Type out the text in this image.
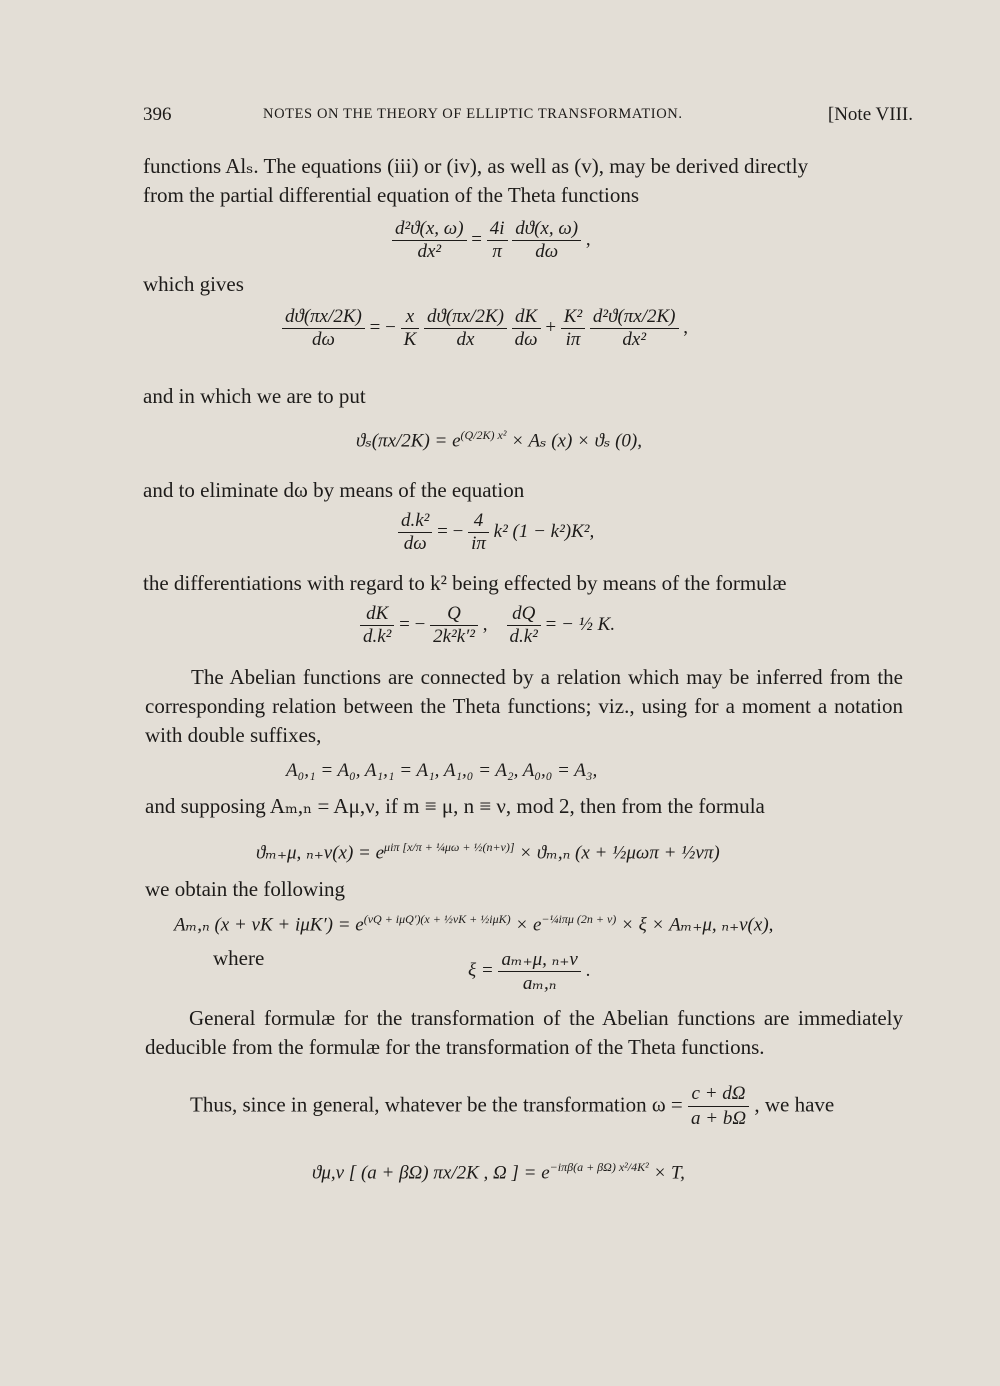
396	NOTES ON THE THEORY OF ELLIPTIC TRANSFORMATION.	[Note VIII.
functions Alₛ. The equations (iii) or (iv), as well as (v), may be derived directly
from the partial differential equation of the Theta functions
$\frac{\text{d²ϑ(x, ω)}}{\text{dx²}} = \frac{4i}{\pi}$
$\frac{dϑ(x, \omega)}{d\omega}$ ,
which gives
$\frac{dϑ(\pi x/2K)}{d\omega}$ = − $\frac{x}{K}$
$\frac{dϑ(\pi x/2K)}{dx}$
$\frac{dK}{d\omega} + \frac{\text{K²}}{i\pi}$
$\frac{\text{d²ϑ(πx/2K)}}{\text{dx²}}$ ,
and in which we are to put
$ϑ_s(\pi x/2K) = e^{(Q/2K) x^2} \times A_s$ (x) × ϑₛ (0),
and to eliminate dω by means of the equation
$\frac{\text{d.k²}}{d\omega}$ = − $\frac{4}{i\pi} k^2$ (1 − k²)K²,
the differentiations with regard to k² being effected by means of the formulæ
$\frac{dK}{\text{d.k²}}$ = − $\frac{Q}{\text{2k²k′²}}$ , $\frac{dQ}{\text{d.k²}}$ = − ½ K.
The Abelian functions are connected by a relation which may be inferred from the corresponding relation between the Theta functions; viz., using for a moment a notation with double suffixes,
A₀,₁ = A₀, A₁,₁ = A₁, A₁,₀ = A₂, A₀,₀ = A₃,
and supposing Aₘ,ₙ = Aμ,ν, if m ≡ μ, n ≡ ν, mod 2, then from the formula
ϑₘ₊μ, $_{n+}\nu(x) = e^{\mu i\pi [x/\pi + \frac{1}{4}\mu\omega + \frac{1}{2}(n+\nu)]} \times ϑ_m,_n$ (x + ½μωπ + ½νπ)
we obtain the following
Aₘ,ₙ $(x + \nu K + i\mu K') = e^{(\nu Q + i\mu Q')(x + \frac{1}{2}\nu K + \frac{1}{2}i\mu K)} \times e^{-\frac{1}{4}i\pi\mu (2n + \nu)} \times \xi \times A_{m+}\mu$, ₙ₊ν(x),
where
$\xi = \frac{\text{aₘ₊μ, ₙ₊ν}}{\text{aₘ,ₙ}}$ .
General formulæ for the transformation of the Abelian functions are immediately deducible from the formulæ for the transformation of the Theta functions.
Thus, since in general, whatever be the transformation $\omega = \frac{c + d\Omega}{a + b\Omega}$ , we have
ϑμ,ν [ (a + βΩ) πx/2K , Ω ] = $e^{-i\pi\beta(a + \beta\Omega) x^2/4K^2} \times T$,
